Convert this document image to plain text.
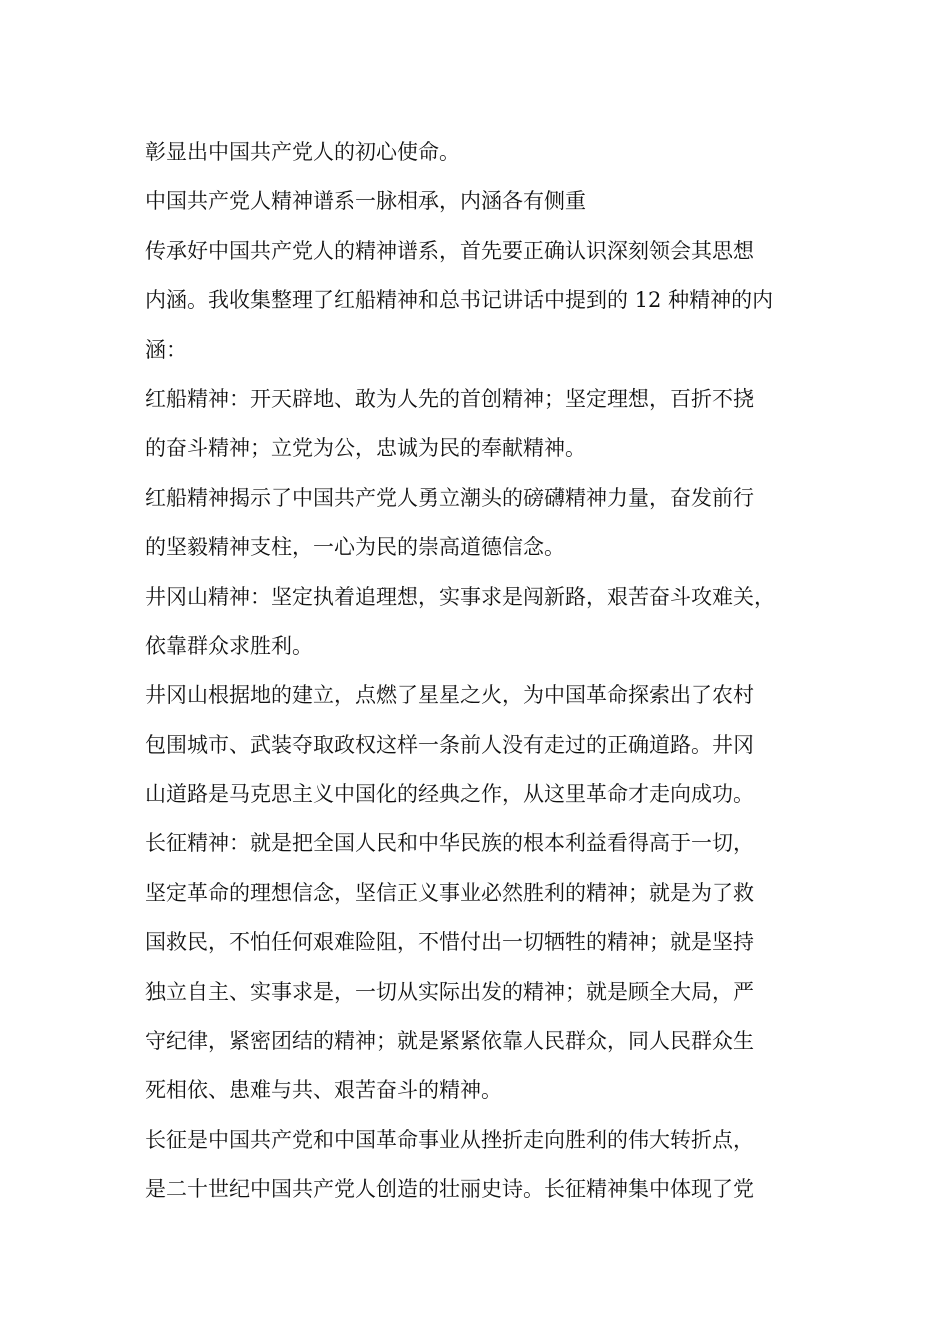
彰显出中国共产党人的初心使命。
中国共产党人精神谱系一脉相承，内涵各有侧重
传承好中国共产党人的精神谱系，首先要正确认识深刻领会其思想
内涵。我收集整理了红船精神和总书记讲话中提到的 12 种精神的内
涵：
红船精神：开天辟地、敢为人先的首创精神；坚定理想，百折不挠
的奋斗精神；立党为公，忠诚为民的奉献精神。
红船精神揭示了中国共产党人勇立潮头的磅礴精神力量，奋发前行
的坚毅精神支柱，一心为民的崇高道德信念。
井冈山精神：坚定执着追理想，实事求是闯新路，艰苦奋斗攻难关，
依靠群众求胜利。
井冈山根据地的建立，点燃了星星之火，为中国革命探索出了农村
包围城市、武装夺取政权这样一条前人没有走过的正确道路。井冈
山道路是马克思主义中国化的经典之作，从这里革命才走向成功。
长征精神：就是把全国人民和中华民族的根本利益看得高于一切，
坚定革命的理想信念，坚信正义事业必然胜利的精神；就是为了救
国救民，不怕任何艰难险阻，不惜付出一切牺牲的精神；就是坚持
独立自主、实事求是，一切从实际出发的精神；就是顾全大局，严
守纪律，紧密团结的精神；就是紧紧依靠人民群众，同人民群众生
死相依、患难与共、艰苦奋斗的精神。
长征是中国共产党和中国革命事业从挫折走向胜利的伟大转折点，
是二十世纪中国共产党人创造的壮丽史诗。长征精神集中体现了党
